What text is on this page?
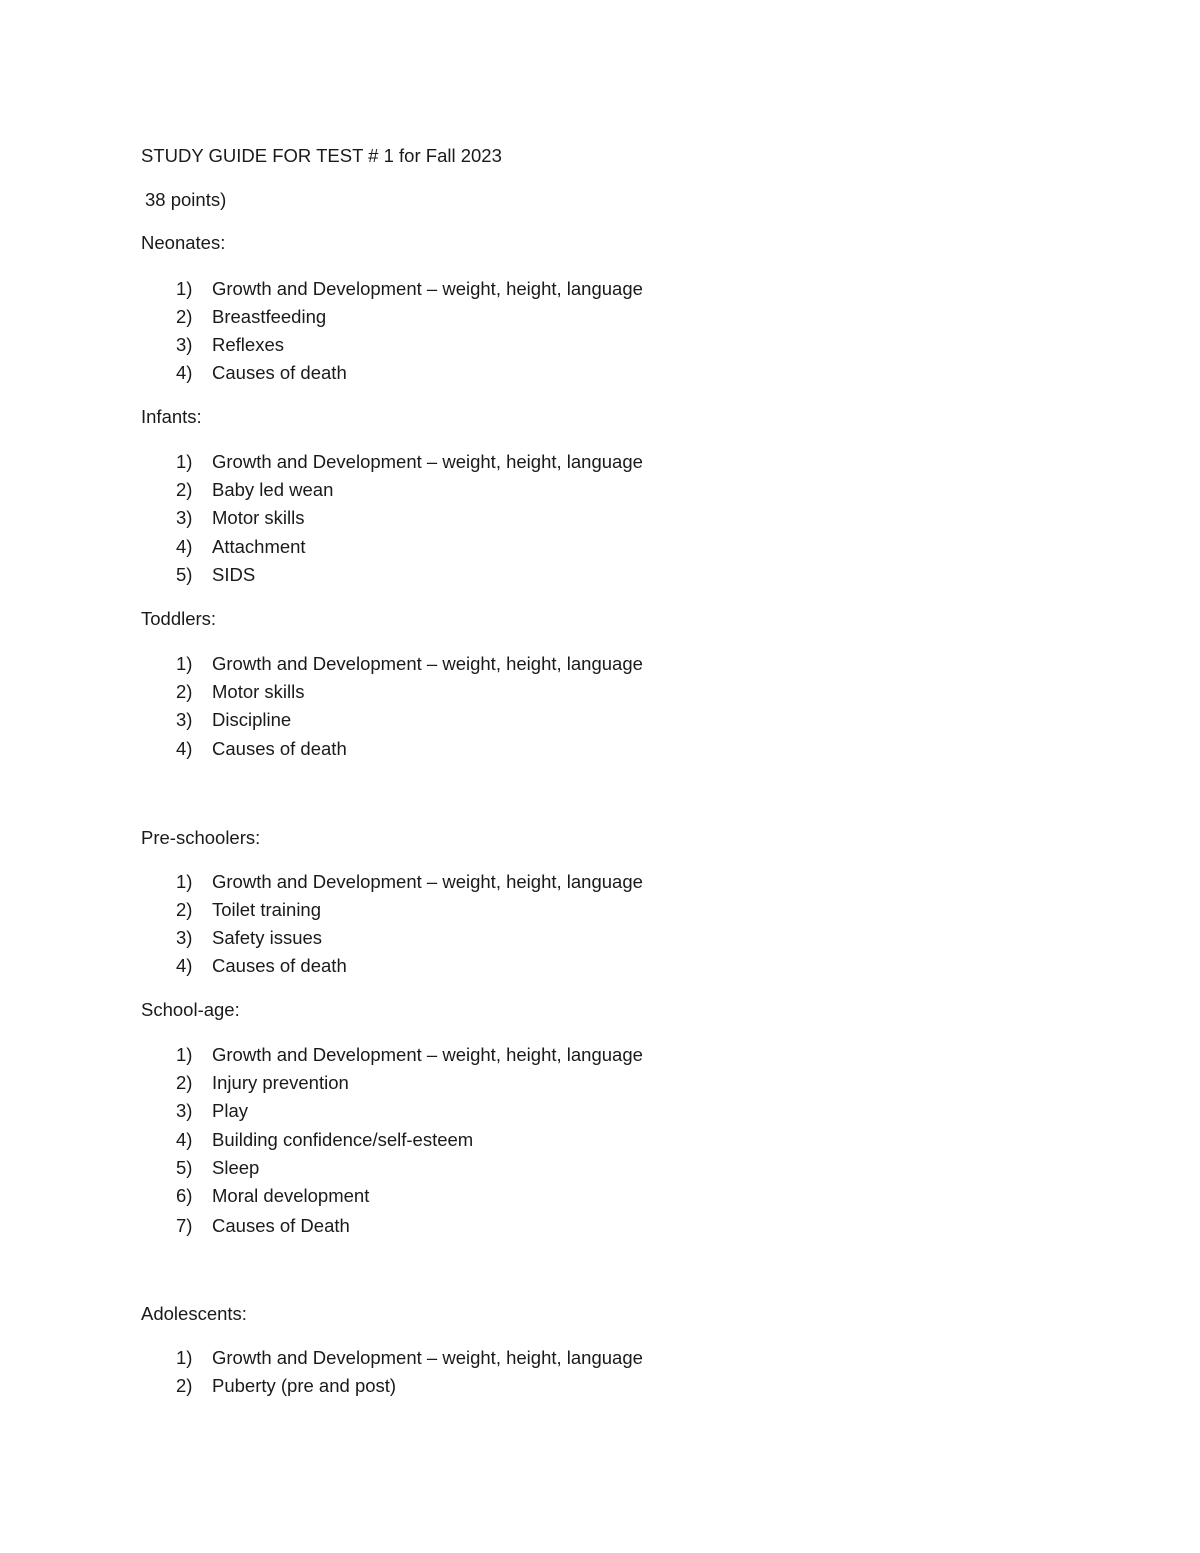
STUDY GUIDE FOR TEST # 1 for Fall 2023
38 points)
Neonates:
1) Growth and Development – weight, height, language
2) Breastfeeding
3) Reflexes
4) Causes of death
Infants:
1) Growth and Development – weight, height, language
2) Baby led wean
3) Motor skills
4) Attachment
5) SIDS
Toddlers:
1) Growth and Development – weight, height, language
2) Motor skills
3) Discipline
4) Causes of death
Pre-schoolers:
1) Growth and Development – weight, height, language
2) Toilet training
3) Safety issues
4) Causes of death
School-age:
1) Growth and Development – weight, height, language
2) Injury prevention
3) Play
4) Building confidence/self-esteem
5) Sleep
6) Moral development
7) Causes of Death
Adolescents:
1) Growth and Development – weight, height, language
2) Puberty (pre and post)
